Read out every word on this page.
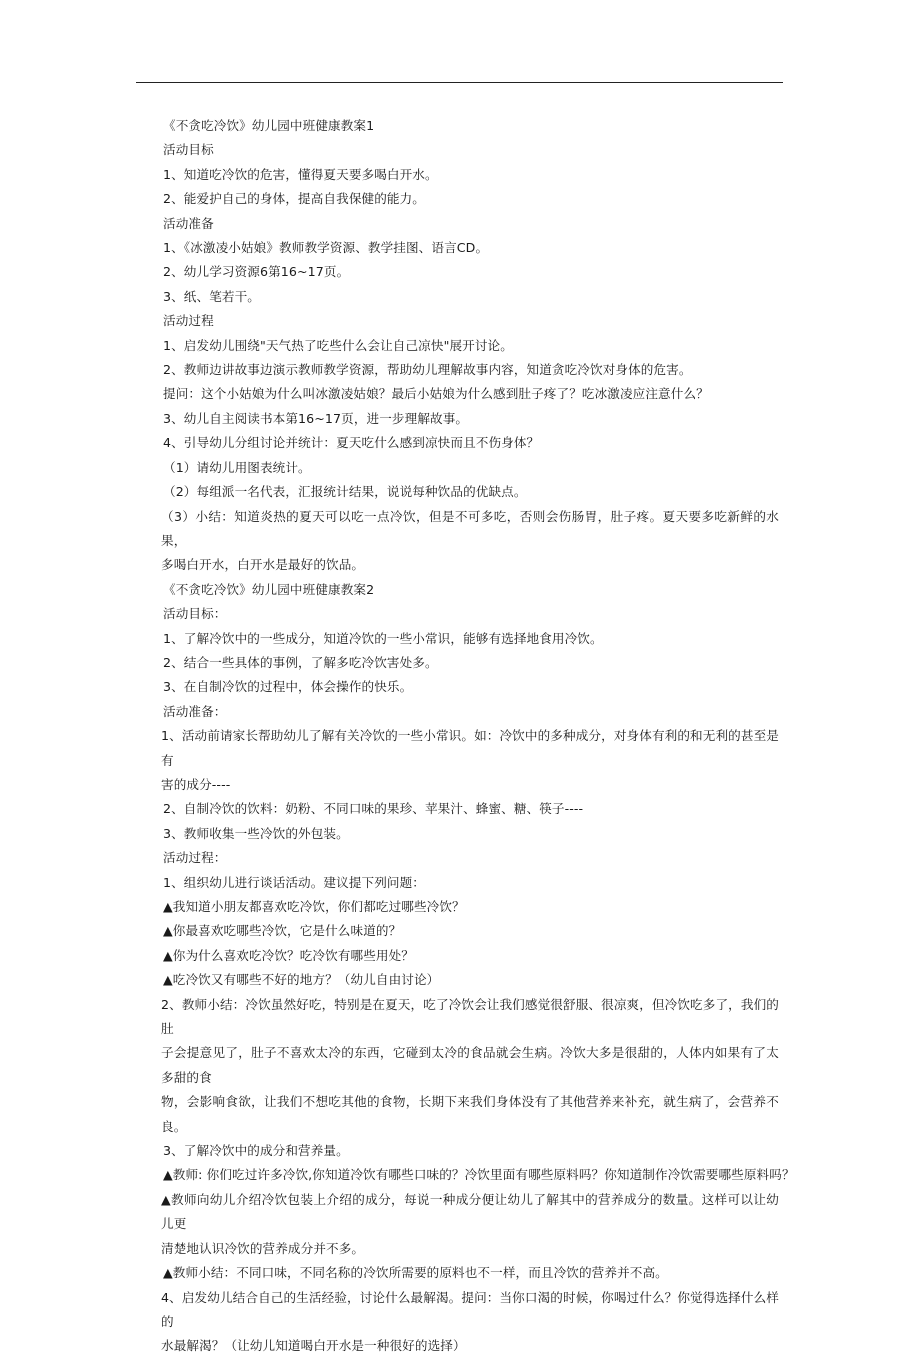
《不贪吃冷饮》幼儿园中班健康教案1
活动目标
1、知道吃冷饮的危害，懂得夏天要多喝白开水。
2、能爱护自己的身体，提高自我保健的能力。
活动准备
1、《冰激凌小姑娘》教师教学资源、教学挂图、语言CD。
2、幼儿学习资源6第16~17页。
3、纸、笔若干。
活动过程
1、启发幼儿围绕"天气热了吃些什么会让自己凉快"展开讨论。
2、教师边讲故事边演示教师教学资源，帮助幼儿理解故事内容，知道贪吃冷饮对身体的危害。
提问：这个小姑娘为什么叫冰激凌姑娘？最后小姑娘为什么感到肚子疼了？吃冰激凌应注意什么？
3、幼儿自主阅读书本第16~17页，进一步理解故事。
4、引导幼儿分组讨论并统计：夏天吃什么感到凉快而且不伤身体？
（1）请幼儿用图表统计。
（2）每组派一名代表，汇报统计结果，说说每种饮品的优缺点。
（3）小结：知道炎热的夏天可以吃一点冷饮，但是不可多吃，否则会伤肠胃，肚子疼。夏天要多吃新鲜的水果，
多喝白开水，白开水是最好的饮品。
《不贪吃冷饮》幼儿园中班健康教案2
活动目标：
1、了解冷饮中的一些成分，知道冷饮的一些小常识，能够有选择地食用冷饮。
2、结合一些具体的事例，了解多吃冷饮害处多。
3、在自制冷饮的过程中，体会操作的快乐。
活动准备：
1、活动前请家长帮助幼儿了解有关冷饮的一些小常识。如：冷饮中的多种成分，对身体有利的和无利的甚至是有
害的成分----
2、自制冷饮的饮料：奶粉、不同口味的果珍、苹果汁、蜂蜜、糖、筷子----
3、教师收集一些冷饮的外包装。
活动过程：
1、组织幼儿进行谈话活动。建议提下列问题：
▲我知道小朋友都喜欢吃冷饮，你们都吃过哪些冷饮？
▲你最喜欢吃哪些冷饮，它是什么味道的？
▲你为什么喜欢吃冷饮？吃冷饮有哪些用处？
▲吃冷饮又有哪些不好的地方？（幼儿自由讨论）
2、教师小结：冷饮虽然好吃，特别是在夏天，吃了冷饮会让我们感觉很舒服、很凉爽，但冷饮吃多了，我们的肚
子会提意见了，肚子不喜欢太冷的东西，它碰到太冷的食品就会生病。冷饮大多是很甜的，人体内如果有了太多甜的食
物，会影响食欲，让我们不想吃其他的食物，长期下来我们身体没有了其他营养来补充，就生病了，会营养不良。
3、了解冷饮中的成分和营养量。
▲教师: 你们吃过许多冷饮,你知道冷饮有哪些口味的？冷饮里面有哪些原料吗？你知道制作冷饮需要哪些原料吗？
▲教师向幼儿介绍冷饮包装上介绍的成分，每说一种成分便让幼儿了解其中的营养成分的数量。这样可以让幼儿更
清楚地认识冷饮的营养成分并不多。
▲教师小结：不同口味，不同名称的冷饮所需要的原料也不一样，而且冷饮的营养并不高。
4、启发幼儿结合自己的生活经验，讨论什么最解渴。提问：当你口渴的时候，你喝过什么？你觉得选择什么样的
水最解渴？（让幼儿知道喝白开水是一种很好的选择）
